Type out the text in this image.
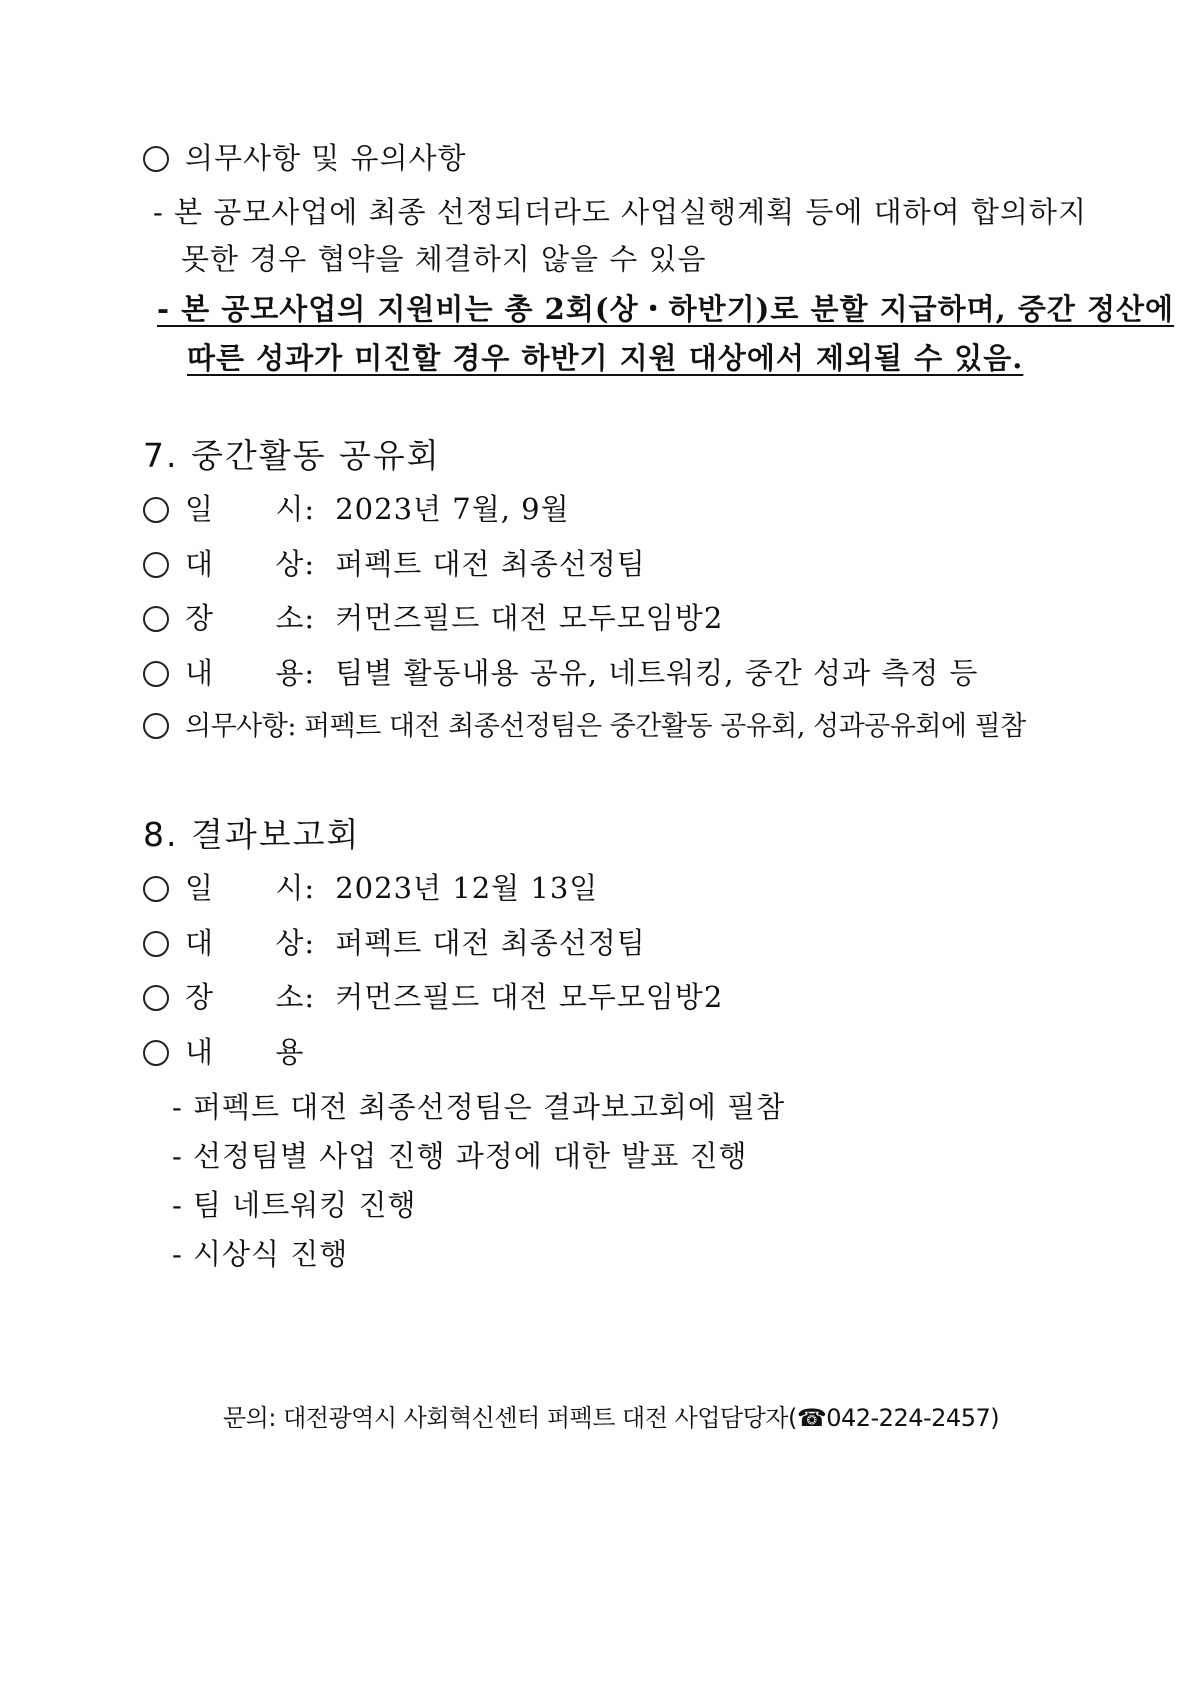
의무사항 및 유의사항
- 본 공모사업에 최종 선정되더라도 사업실행계획 등에 대하여 합의하지
못한 경우 협약을 체결하지 않을 수 있음
- 본 공모사업의 지원비는 총 2회(상・하반기)로 분할 지급하며, 중간 정산에
따른 성과가 미진할 경우 하반기 지원 대상에서 제외될 수 있음.
7. 중간활동 공유회
일      시: 2023년 7월, 9월
대      상: 퍼펙트 대전 최종선정팀
장      소: 커먼즈필드 대전 모두모임방2
내      용: 팀별 활동내용 공유, 네트워킹, 중간 성과 측정 등
의무사항: 퍼펙트 대전 최종선정팀은 중간활동 공유회, 성과공유회에 필참
8. 결과보고회
일      시: 2023년 12월 13일
대      상: 퍼펙트 대전 최종선정팀
장      소: 커먼즈필드 대전 모두모임방2
내      용
- 퍼펙트 대전 최종선정팀은 결과보고회에 필참
- 선정팀별 사업 진행 과정에 대한 발표 진행
- 팀 네트워킹 진행
- 시상식 진행
문의: 대전광역시 사회혁신센터 퍼펙트 대전 사업담당자(☎042-224-2457)
